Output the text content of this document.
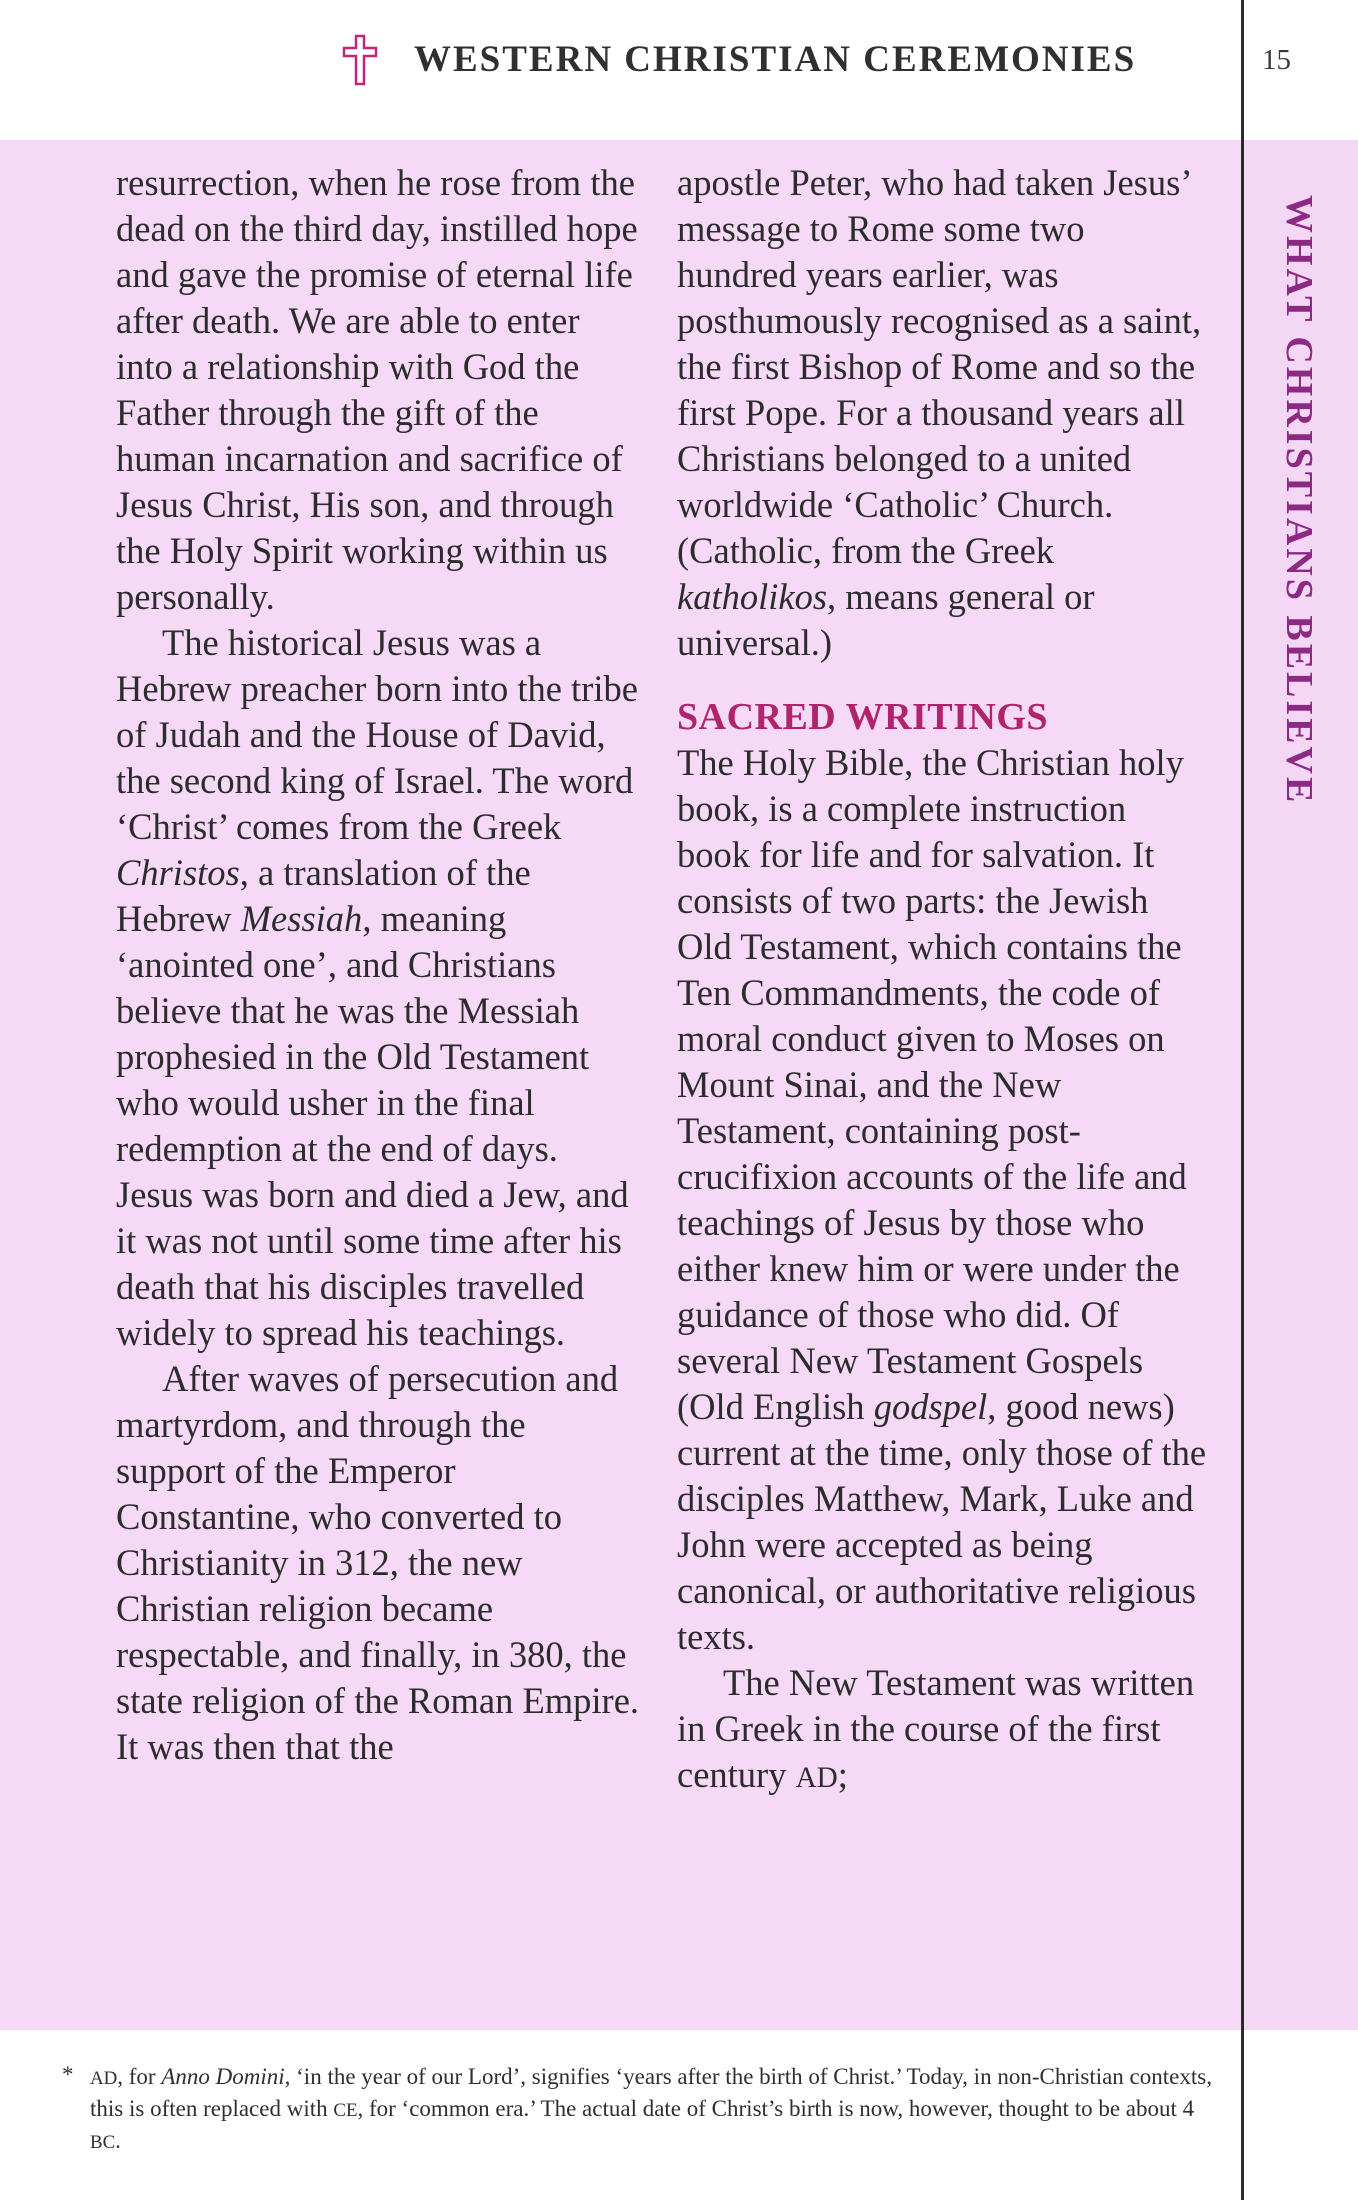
WESTERN CHRISTIAN CEREMONIES	15
WHAT CHRISTIANS BELIEVE

resurrection, when he rose from the dead on the third day, instilled hope and gave the promise of eternal life after death. We are able to enter into a relationship with God the Father through the gift of the human incarnation and sacrifice of Jesus Christ, His son, and through the Holy Spirit working within us personally.

The historical Jesus was a Hebrew preacher born into the tribe of Judah and the House of David, the second king of Israel. The word ‘Christ’ comes from the Greek Christos, a translation of the Hebrew Messiah, meaning ‘anointed one’, and Christians believe that he was the Messiah prophesied in the Old Testament who would usher in the final redemption at the end of days. Jesus was born and died a Jew, and it was not until some time after his death that his disciples travelled widely to spread his teachings.

After waves of persecution and martyrdom, and through the support of the Emperor Constantine, who converted to Christianity in 312, the new Christian religion became respectable, and finally, in 380, the state religion of the Roman Empire. It was then that the

apostle Peter, who had taken Jesus’ message to Rome some two hundred years earlier, was posthumously recognised as a saint, the first Bishop of Rome and so the first Pope. For a thousand years all Christians belonged to a united worldwide ‘Catholic’ Church. (Catholic, from the Greek katholikos, means general or universal.)

SACRED WRITINGS

The Holy Bible, the Christian holy book, is a complete instruction book for life and for salvation. It consists of two parts: the Jewish Old Testament, which contains the Ten Commandments, the code of moral conduct given to Moses on Mount Sinai, and the New Testament, containing post-crucifixion accounts of the life and teachings of Jesus by those who either knew him or were under the guidance of those who did. Of several New Testament Gospels (Old English godspel, good news) current at the time, only those of the disciples Matthew, Mark, Luke and John were accepted as being canonical, or authoritative religious texts.

The New Testament was written in Greek in the course of the first century AD;

* AD, for Anno Domini, ‘in the year of our Lord’, signifies ‘years after the birth of Christ.’ Today, in non-Christian contexts, this is often replaced with CE, for ‘common era.’ The actual date of Christ’s birth is now, however, thought to be about 4 BC.
